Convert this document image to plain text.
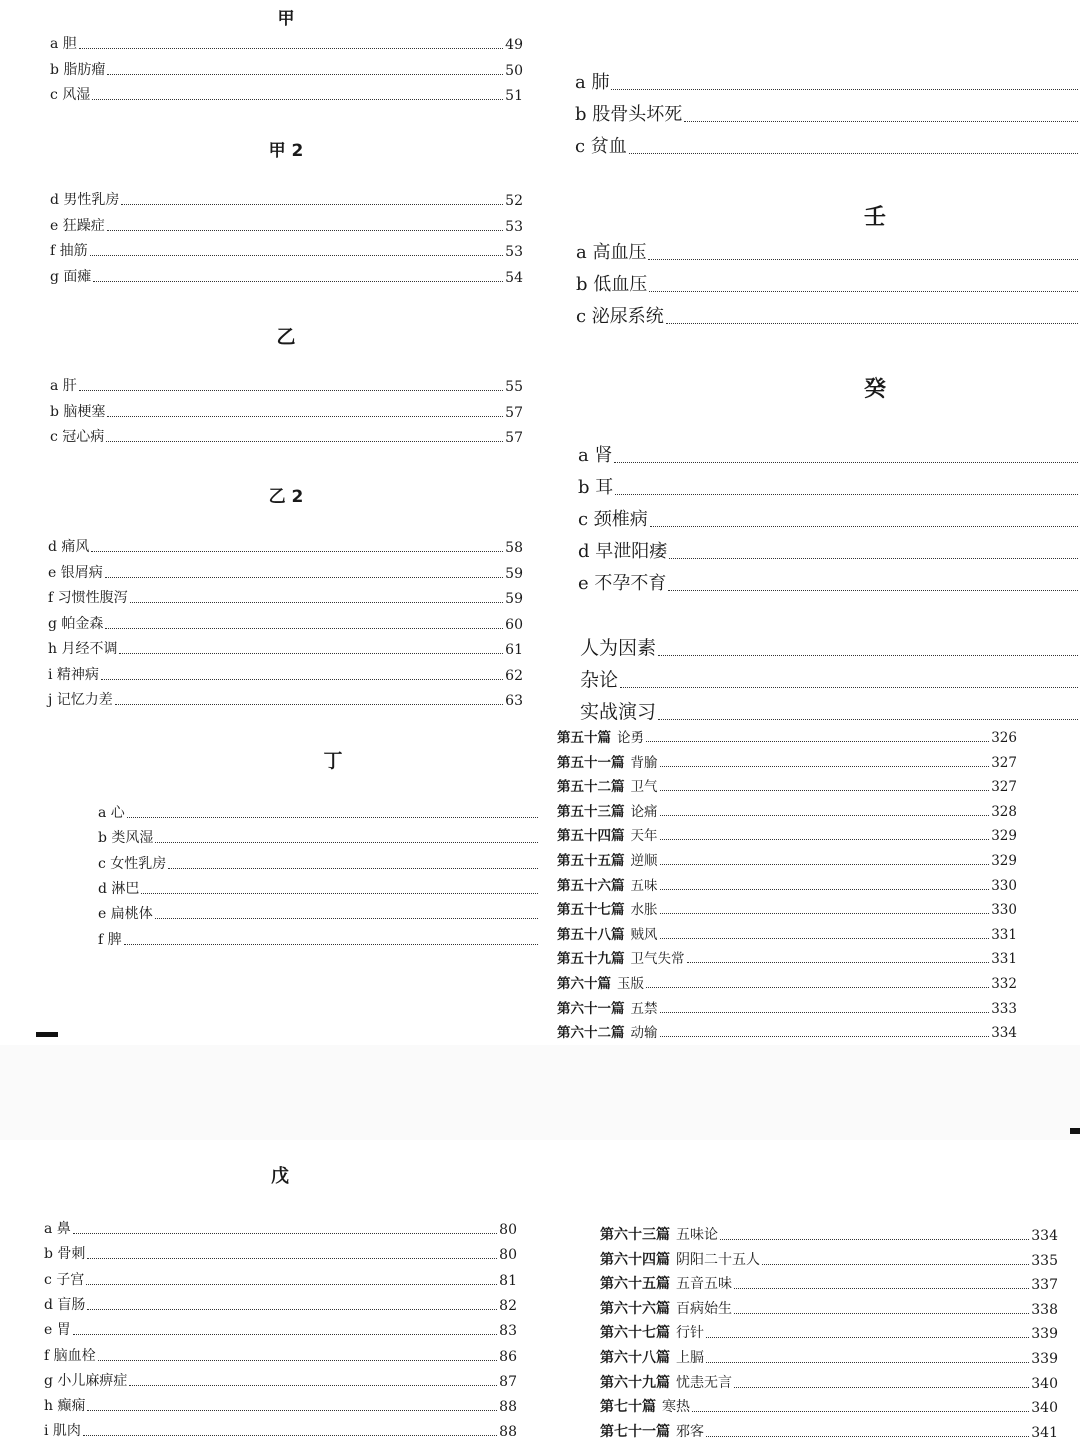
甲
甲 2
乙
乙 2
丁
a 胆	49
b 脂肪瘤	50
c 风湿	51
d 男性乳房	52
e 狂躁症	53
f 抽筋	53
g 面瘫	54
a 肝	55
b 脑梗塞	57
c 冠心病	57
d 痛风	58
e 银屑病	59
f 习惯性腹泻	59
g 帕金森	60
h 月经不调	61
i 精神病	62
j 记忆力差	63
a 心
b 类风湿
c 女性乳房
d 淋巴
e 扁桃体
f 脾
壬
癸
a 肺
b 股骨头坏死
c 贫血
a 高血压
b 低血压
c 泌尿系统
a 肾
b 耳
c 颈椎病
d 早泄阳痿
e 不孕不育
人为因素
杂论
实战演习
第五十篇 论勇	326
第五十一篇 背腧	327
第五十二篇 卫气	327
第五十三篇 论痛	328
第五十四篇 天年	329
第五十五篇 逆顺	329
第五十六篇 五味	330
第五十七篇 水胀	330
第五十八篇 贼风	331
第五十九篇 卫气失常	331
第六十篇 玉版	332
第六十一篇 五禁	333
第六十二篇 动输	334
戊
a 鼻	80
b 骨刺	80
c 子宫	81
d 盲肠	82
e 胃	83
f 脑血栓	86
g 小儿麻痹症	87
h 癫痫	88
i 肌肉	88
第六十三篇 五味论	334
第六十四篇 阴阳二十五人	335
第六十五篇 五音五味	337
第六十六篇 百病始生	338
第六十七篇 行针	339
第六十八篇 上膈	339
第六十九篇 忧恚无言	340
第七十篇 寒热	340
第七十一篇 邪客	341
